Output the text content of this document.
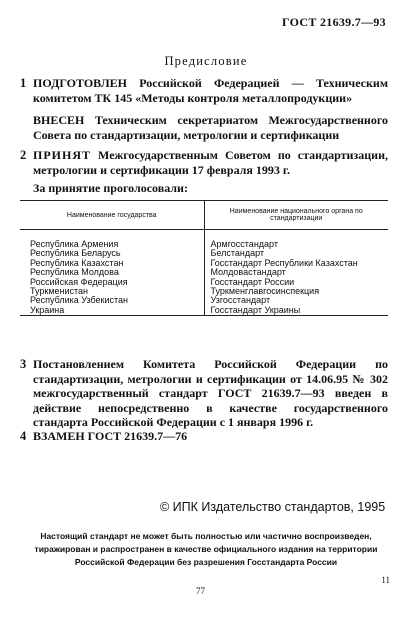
ГОСТ 21639.7—93
Предисловие
1 ПОДГОТОВЛЕН Российской Федерацией — Техническим комитетом ТК 145 «Методы контроля металлопродукции»
ВНЕСЕН Техническим секретариатом Межгосударственного Совета по стандартизации, метрологии и сертификации
2 ПРИНЯТ Межгосударственным Советом по стандартизации, метрологии и сертификации 17 февраля 1993 г.
За принятие проголосовали:
Наименование государства	Наименование национального органа по стандартизации
Республика Армения	Армгосстандарт
Республика Беларусь	Белстандарт
Республика Казахстан	Госстандарт Республики Казахстан
Республика Молдова	Молдовастандарт
Российская Федерация	Госстандарт России
Туркменистан	Туркменглавгосинспекция
Республика Узбекистан	Узгосстандарт
Украина	Госстандарт Украины
3 Постановлением Комитета Российской Федерации по стандартизации, метрологии и сертификации от 14.06.95 № 302 межгосударственный стандарт ГОСТ 21639.7—93 введен в действие непосредственно в качестве государственного стандарта Российской Федерации с 1 января 1996 г.
4 ВЗАМЕН ГОСТ 21639.7—76
© ИПК Издательство стандартов, 1995
Настоящий стандарт не может быть полностью или частично воспроизведен, тиражирован и распространен в качестве официального издания на территории Российской Федерации без разрешения Госстандарта России
77
11
